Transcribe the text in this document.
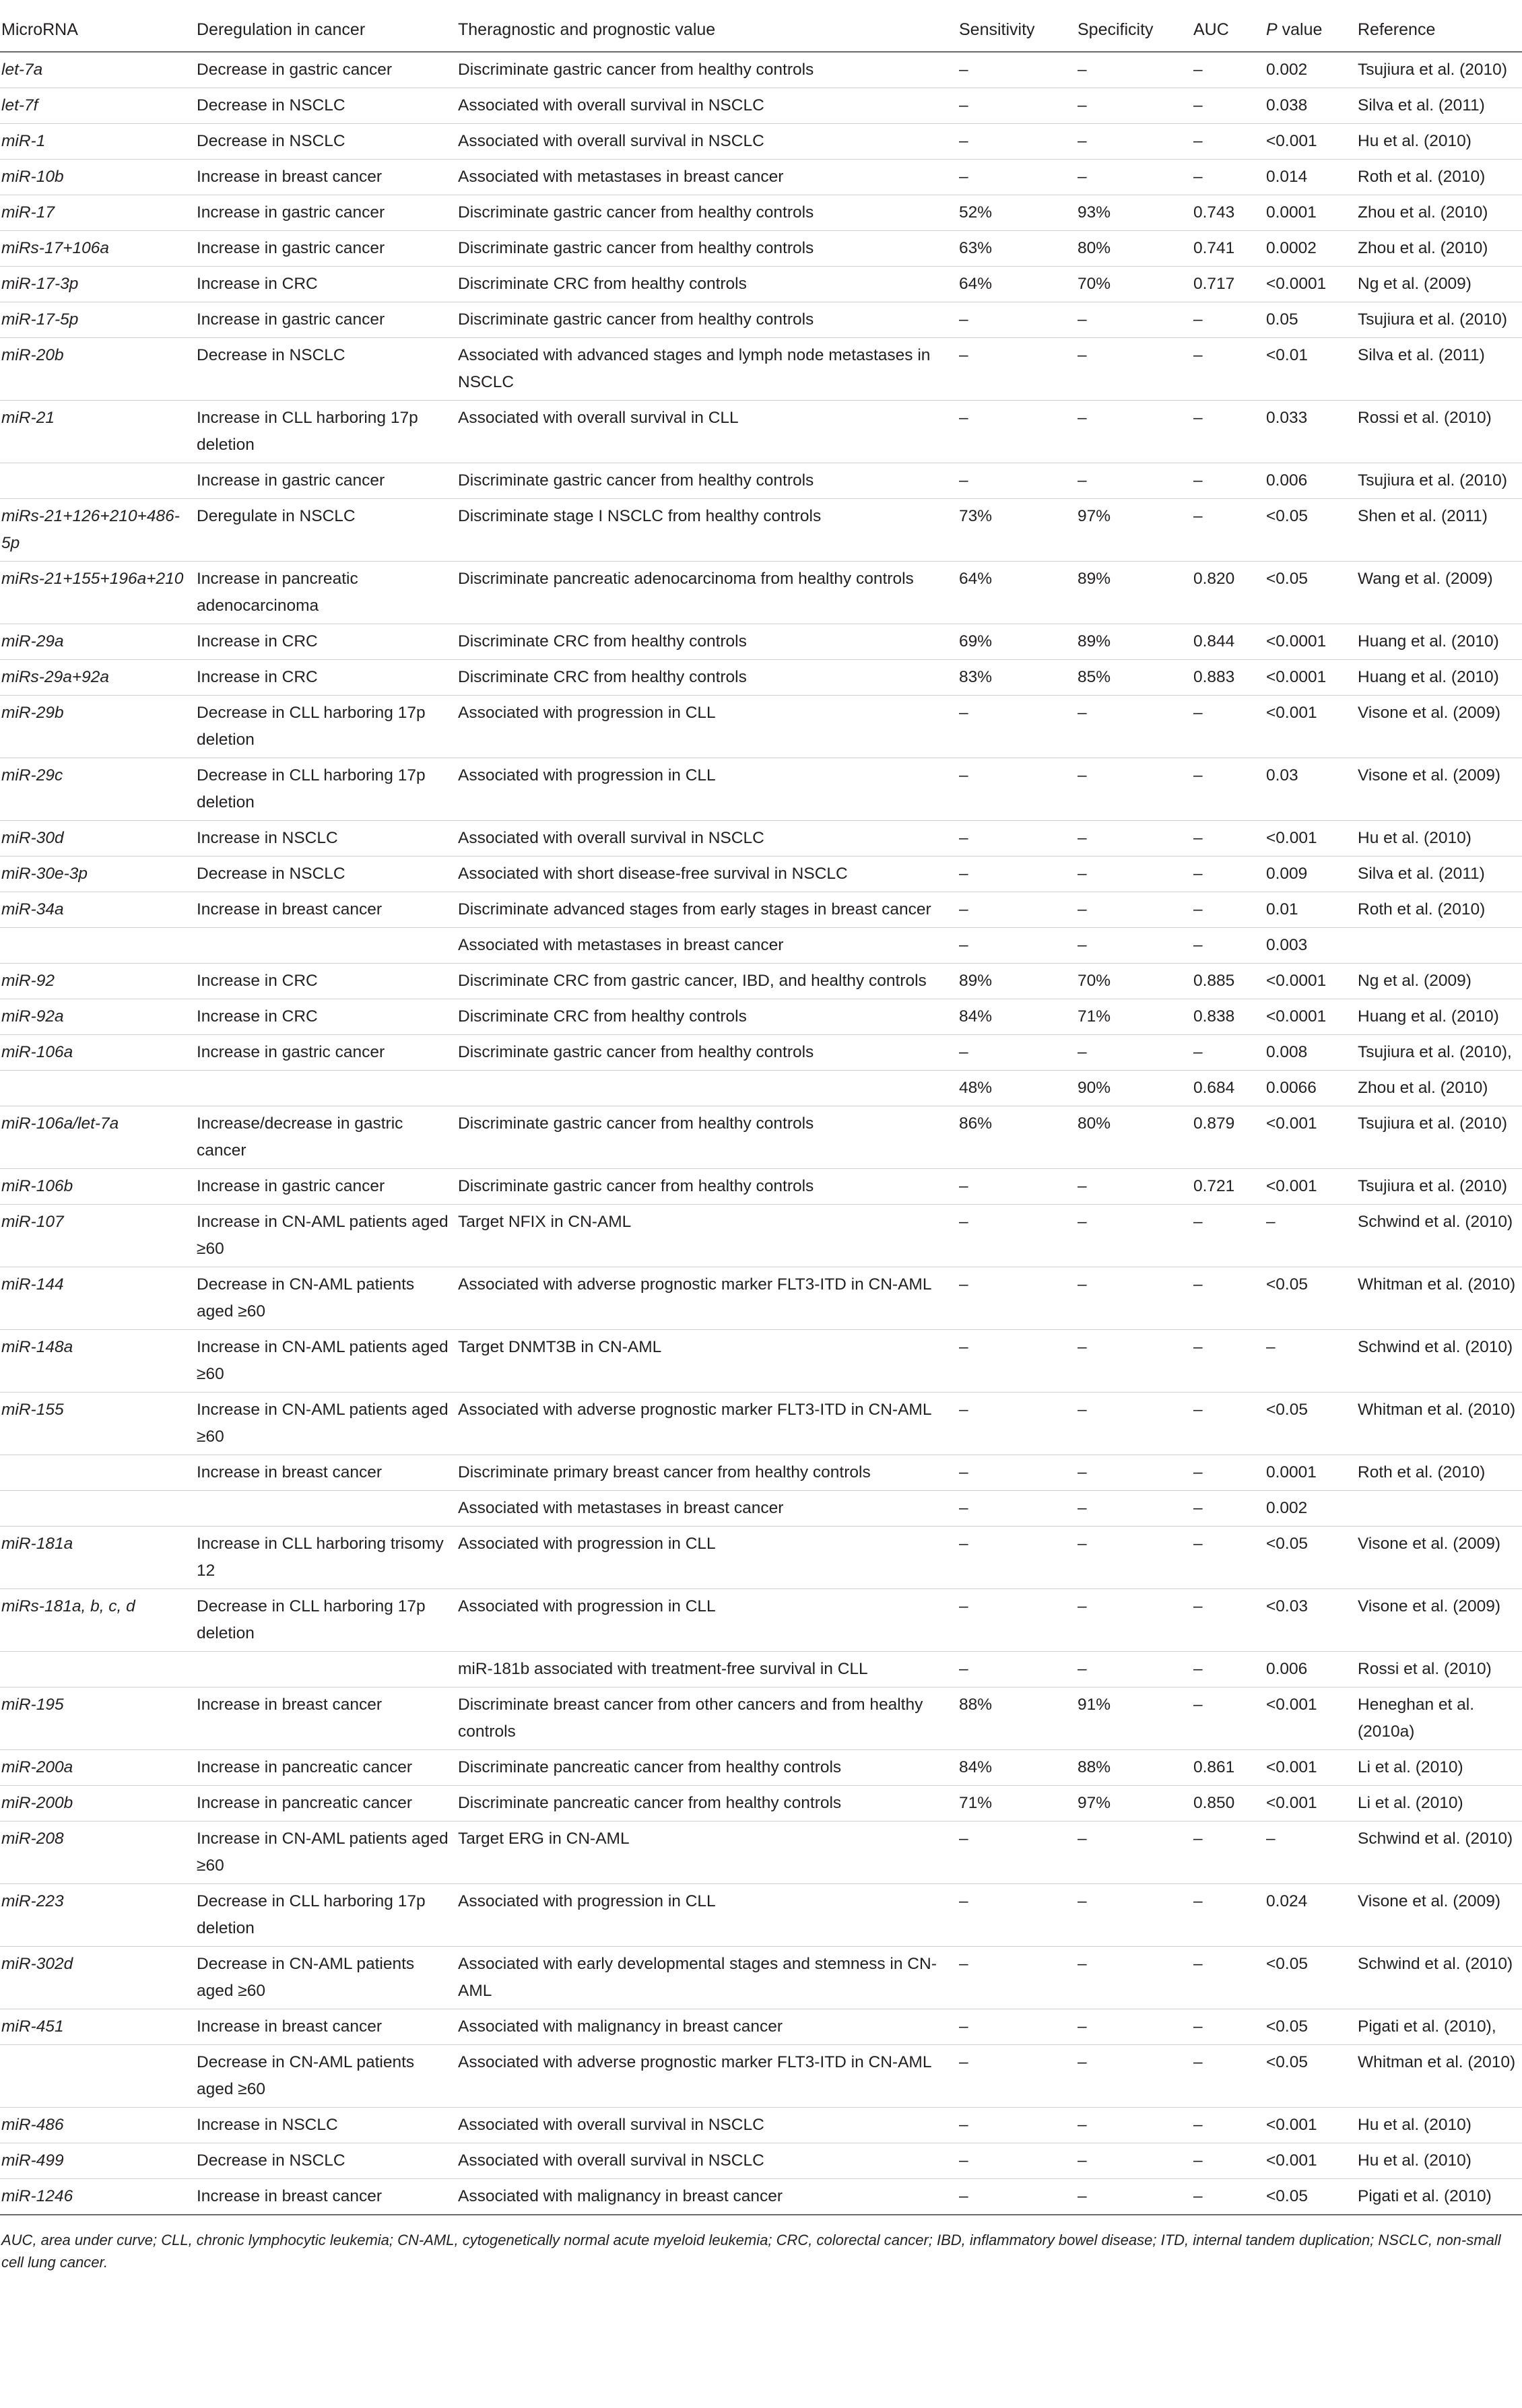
MicroRNA	Deregulation in cancer	Theragnostic and prognostic value	Sensitivity	Specificity	AUC	P value	Reference
let-7a	Decrease in gastric cancer	Discriminate gastric cancer from healthy controls	–	–	–	0.002	Tsujiura et al. (2010)
let-7f	Decrease in NSCLC	Associated with overall survival in NSCLC	–	–	–	0.038	Silva et al. (2011)
miR-1	Decrease in NSCLC	Associated with overall survival in NSCLC	–	–	–	<0.001	Hu et al. (2010)
miR-10b	Increase in breast cancer	Associated with metastases in breast cancer	–	–	–	0.014	Roth et al. (2010)
miR-17	Increase in gastric cancer	Discriminate gastric cancer from healthy controls	52%	93%	0.743	0.0001	Zhou et al. (2010)
miRs-17+106a	Increase in gastric cancer	Discriminate gastric cancer from healthy controls	63%	80%	0.741	0.0002	Zhou et al. (2010)
miR-17-3p	Increase in CRC	Discriminate CRC from healthy controls	64%	70%	0.717	<0.0001	Ng et al. (2009)
miR-17-5p	Increase in gastric cancer	Discriminate gastric cancer from healthy controls	–	–	–	0.05	Tsujiura et al. (2010)
miR-20b	Decrease in NSCLC	Associated with advanced stages and lymph node metastases in NSCLC	–	–	–	<0.01	Silva et al. (2011)
miR-21	Increase in CLL harboring 17p deletion	Associated with overall survival in CLL	–	–	–	0.033	Rossi et al. (2010)
	Increase in gastric cancer	Discriminate gastric cancer from healthy controls	–	–	–	0.006	Tsujiura et al. (2010)
miRs-21+126+210+486-5p	Deregulate in NSCLC	Discriminate stage I NSCLC from healthy controls	73%	97%	–	<0.05	Shen et al. (2011)
miRs-21+155+196a+210	Increase in pancreatic adenocarcinoma	Discriminate pancreatic adenocarcinoma from healthy controls	64%	89%	0.820	<0.05	Wang et al. (2009)
miR-29a	Increase in CRC	Discriminate CRC from healthy controls	69%	89%	0.844	<0.0001	Huang et al. (2010)
miRs-29a+92a	Increase in CRC	Discriminate CRC from healthy controls	83%	85%	0.883	<0.0001	Huang et al. (2010)
miR-29b	Decrease in CLL harboring 17p deletion	Associated with progression in CLL	–	–	–	<0.001	Visone et al. (2009)
miR-29c	Decrease in CLL harboring 17p deletion	Associated with progression in CLL	–	–	–	0.03	Visone et al. (2009)
miR-30d	Increase in NSCLC	Associated with overall survival in NSCLC	–	–	–	<0.001	Hu et al. (2010)
miR-30e-3p	Decrease in NSCLC	Associated with short disease-free survival in NSCLC	–	–	–	0.009	Silva et al. (2011)
miR-34a	Increase in breast cancer	Discriminate advanced stages from early stages in breast cancer	–	–	–	0.01	Roth et al. (2010)
		Associated with metastases in breast cancer	–	–	–	0.003	
miR-92	Increase in CRC	Discriminate CRC from gastric cancer, IBD, and healthy controls	89%	70%	0.885	<0.0001	Ng et al. (2009)
miR-92a	Increase in CRC	Discriminate CRC from healthy controls	84%	71%	0.838	<0.0001	Huang et al. (2010)
miR-106a	Increase in gastric cancer	Discriminate gastric cancer from healthy controls	–	–	–	0.008	Tsujiura et al. (2010),
			48%	90%	0.684	0.0066	Zhou et al. (2010)
miR-106a/let-7a	Increase/decrease in gastric cancer	Discriminate gastric cancer from healthy controls	86%	80%	0.879	<0.001	Tsujiura et al. (2010)
miR-106b	Increase in gastric cancer	Discriminate gastric cancer from healthy controls	–	–	0.721	<0.001	Tsujiura et al. (2010)
miR-107	Increase in CN-AML patients aged ≥60	Target NFIX in CN-AML	–	–	–	–	Schwind et al. (2010)
miR-144	Decrease in CN-AML patients aged ≥60	Associated with adverse prognostic marker FLT3-ITD in CN-AML	–	–	–	<0.05	Whitman et al. (2010)
miR-148a	Increase in CN-AML patients aged ≥60	Target DNMT3B in CN-AML	–	–	–	–	Schwind et al. (2010)
miR-155	Increase in CN-AML patients aged ≥60	Associated with adverse prognostic marker FLT3-ITD in CN-AML	–	–	–	<0.05	Whitman et al. (2010)
	Increase in breast cancer	Discriminate primary breast cancer from healthy controls	–	–	–	0.0001	Roth et al. (2010)
		Associated with metastases in breast cancer	–	–	–	0.002	
miR-181a	Increase in CLL harboring trisomy 12	Associated with progression in CLL	–	–	–	<0.05	Visone et al. (2009)
miRs-181a, b, c, d	Decrease in CLL harboring 17p deletion	Associated with progression in CLL	–	–	–	<0.03	Visone et al. (2009)
		miR-181b associated with treatment-free survival in CLL	–	–	–	0.006	Rossi et al. (2010)
miR-195	Increase in breast cancer	Discriminate breast cancer from other cancers and from healthy controls	88%	91%	–	<0.001	Heneghan et al. (2010a)
miR-200a	Increase in pancreatic cancer	Discriminate pancreatic cancer from healthy controls	84%	88%	0.861	<0.001	Li et al. (2010)
miR-200b	Increase in pancreatic cancer	Discriminate pancreatic cancer from healthy controls	71%	97%	0.850	<0.001	Li et al. (2010)
miR-208	Increase in CN-AML patients aged ≥60	Target ERG in CN-AML	–	–	–	–	Schwind et al. (2010)
miR-223	Decrease in CLL harboring 17p deletion	Associated with progression in CLL	–	–	–	0.024	Visone et al. (2009)
miR-302d	Decrease in CN-AML patients aged ≥60	Associated with early developmental stages and stemness in CN-AML	–	–	–	<0.05	Schwind et al. (2010)
miR-451	Increase in breast cancer	Associated with malignancy in breast cancer	–	–	–	<0.05	Pigati et al. (2010),
	Decrease in CN-AML patients aged ≥60	Associated with adverse prognostic marker FLT3-ITD in CN-AML	–	–	–	<0.05	Whitman et al. (2010)
miR-486	Increase in NSCLC	Associated with overall survival in NSCLC	–	–	–	<0.001	Hu et al. (2010)
miR-499	Decrease in NSCLC	Associated with overall survival in NSCLC	–	–	–	<0.001	Hu et al. (2010)
miR-1246	Increase in breast cancer	Associated with malignancy in breast cancer	–	–	–	<0.05	Pigati et al. (2010)
AUC, area under curve; CLL, chronic lymphocytic leukemia; CN-AML, cytogenetically normal acute myeloid leukemia; CRC, colorectal cancer; IBD, inflammatory bowel disease; ITD, internal tandem duplication; NSCLC, non-small cell lung cancer.
